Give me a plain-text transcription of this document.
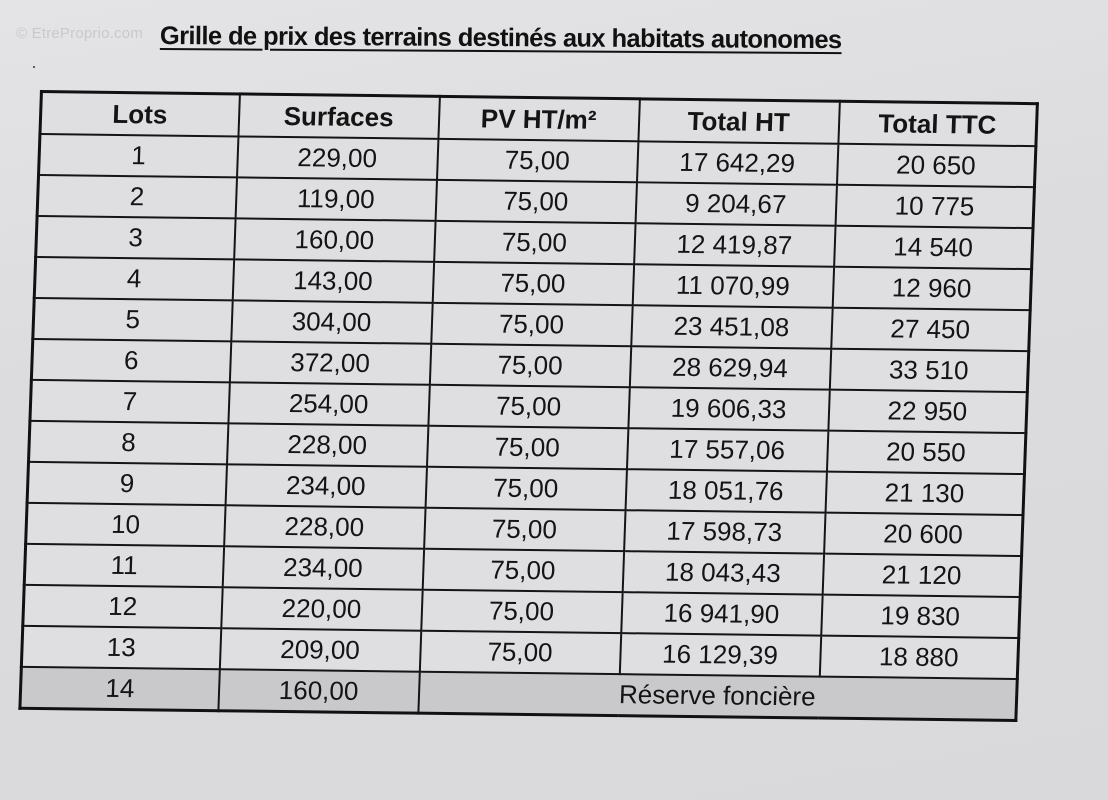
© EtreProprio.com Grille de prix des terrains destinés aux habitats autonomes
Lots	Surfaces	PV HT/m²	Total HT	Total TTC
1	229,00	75,00	17 642,29	20 650
2	119,00	75,00	9 204,67	10 775
3	160,00	75,00	12 419,87	14 540
4	143,00	75,00	11 070,99	12 960
5	304,00	75,00	23 451,08	27 450
6	372,00	75,00	28 629,94	33 510
7	254,00	75,00	19 606,33	22 950
8	228,00	75,00	17 557,06	20 550
9	234,00	75,00	18 051,76	21 130
10	228,00	75,00	17 598,73	20 600
11	234,00	75,00	18 043,43	21 120
12	220,00	75,00	16 941,90	19 830
13	209,00	75,00	16 129,39	18 880
14	160,00	Réserve foncière		
